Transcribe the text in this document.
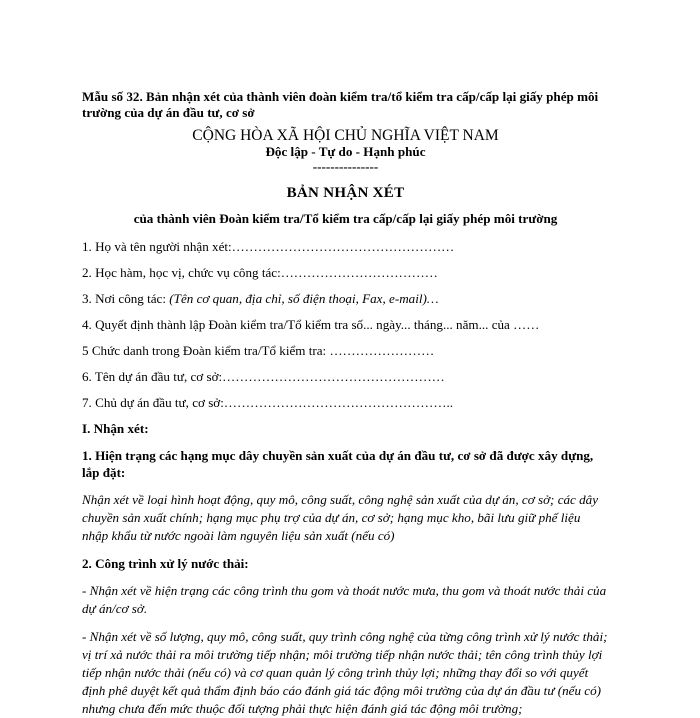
Mẫu số 32. Bản nhận xét của thành viên đoàn kiểm tra/tổ kiểm tra cấp/cấp lại giấy phép môi trường của dự án đầu tư, cơ sở
CỘNG HÒA XÃ HỘI CHỦ NGHĨA VIỆT NAM
Độc lập - Tự do - Hạnh phúc
---------------
BẢN NHẬN XÉT
của thành viên Đoàn kiểm tra/Tổ kiểm tra cấp/cấp lại giấy phép môi trường
1. Họ và tên người nhận xét:……………………………………………
2. Học hàm, học vị, chức vụ công tác:………………………………
3. Nơi công tác: (Tên cơ quan, địa chỉ, số điện thoại, Fax, e-mail)…
4. Quyết định thành lập Đoàn kiểm tra/Tổ kiểm tra số... ngày... tháng... năm... của ……
5 Chức danh trong Đoàn kiểm tra/Tổ kiểm tra: ……………………
6. Tên dự án đầu tư, cơ sở:……………………………………………
7. Chủ dự án đầu tư, cơ sở:……………………………………………..
I. Nhận xét:
1. Hiện trạng các hạng mục dây chuyền sản xuất của dự án đầu tư, cơ sở đã được xây dựng, lắp đặt:
Nhận xét về loại hình hoạt động, quy mô, công suất, công nghệ sản xuất của dự án, cơ sở; các dây chuyền sản xuất chính; hạng mục phụ trợ của dự án, cơ sở; hạng mục kho, bãi lưu giữ phế liệu nhập khẩu từ nước ngoài làm nguyên liệu sản xuất (nếu có)
2. Công trình xử lý nước thải:
- Nhận xét về hiện trạng các công trình thu gom và thoát nước mưa, thu gom và thoát nước thải của dự án/cơ sở.
- Nhận xét về số lượng, quy mô, công suất, quy trình công nghệ của từng công trình xử lý nước thải; vị trí xả nước thải ra môi trường tiếp nhận; môi trường tiếp nhận nước thải; tên công trình thủy lợi tiếp nhận nước thải (nếu có) và cơ quan quản lý công trình thủy lợi; những thay đổi so với quyết định phê duyệt kết quả thẩm định báo cáo đánh giá tác động môi trường của dự án đầu tư (nếu có) nhưng chưa đến mức thuộc đối tượng phải thực hiện đánh giá tác động môi trường;
